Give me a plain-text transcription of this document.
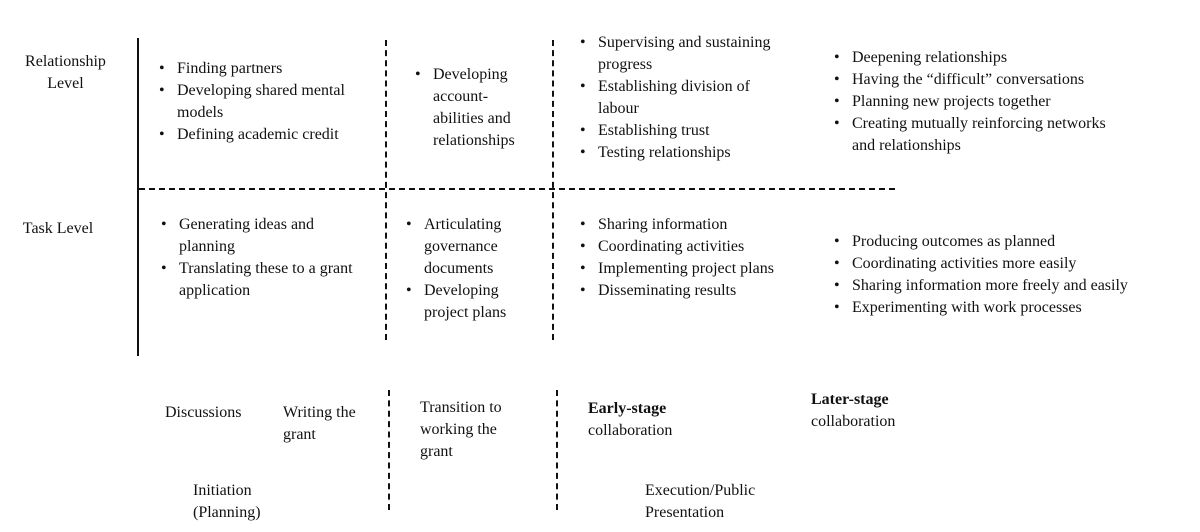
Relationship Level
Task Level
• Finding partners
• Developing shared mental models
• Defining academic credit
• Developing account-abilities and relationships
• Supervising and sustaining progress
• Establishing division of labour
• Establishing trust
• Testing relationships
• Deepening relationships
• Having the “difficult” conversations
• Planning new projects together
• Creating mutually reinforcing networks and relationships
• Generating ideas and planning
• Translating these to a grant application
• Articulating governance documents
• Developing project plans
• Sharing information
• Coordinating activities
• Implementing project plans
• Disseminating results
• Producing outcomes as planned
• Coordinating activities more easily
• Sharing information more freely and easily
• Experimenting with work processes
Discussions	Writing the grant
Transition to working the grant
Early-stage
collaboration
Later-stage
collaboration
Initiation (Planning)
Execution/Public Presentation
